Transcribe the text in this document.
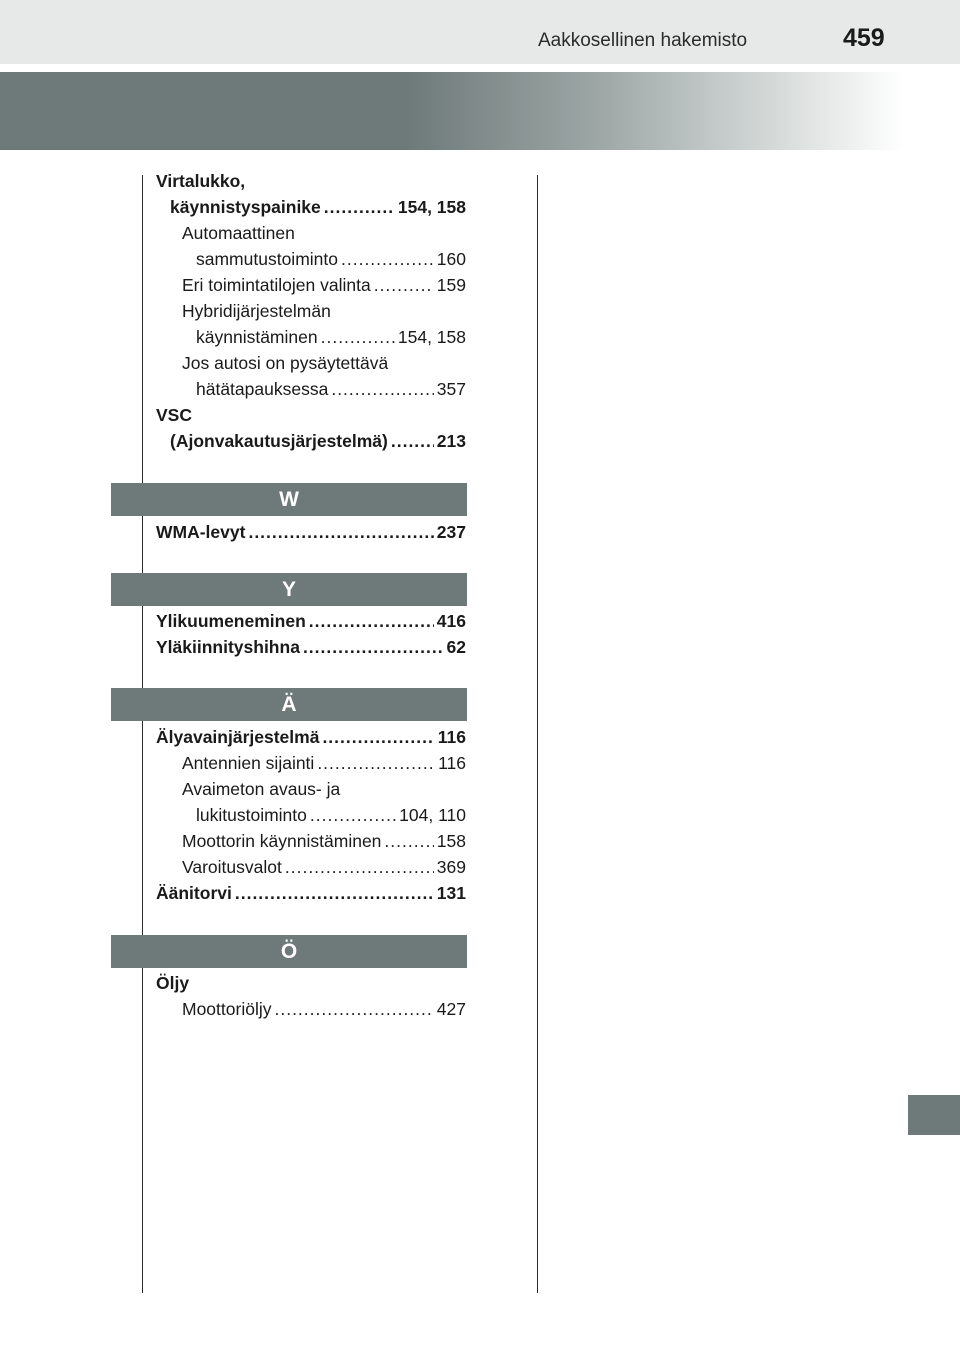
Aakkosellinen hakemisto	459
Virtalukko,
käynnistyspainike .....	154, 158
Automaattinen
sammutustoiminto .....	160
Eri toimintatilojen valinta .....	159
Hybridijärjestelmän
käynnistäminen .....	154, 158
Jos autosi on pysäytettävä
hätätapauksessa .....	357
VSC
(Ajonvakautusjärjestelmä) .....	213
W
WMA-levyt .....	237
Y
Ylikuumeneminen .....	416
Yläkiinnityshihna .....	62
Ä
Älyavainjärjestelmä .....	116
Antennien sijainti .....	116
Avaimeton avaus- ja
lukitustoiminto .....	104, 110
Moottorin käynnistäminen .....	158
Varoitusvalot .....	369
Äänitorvi .....	131
Ö
Öljy
Moottoriöljy .....	427
